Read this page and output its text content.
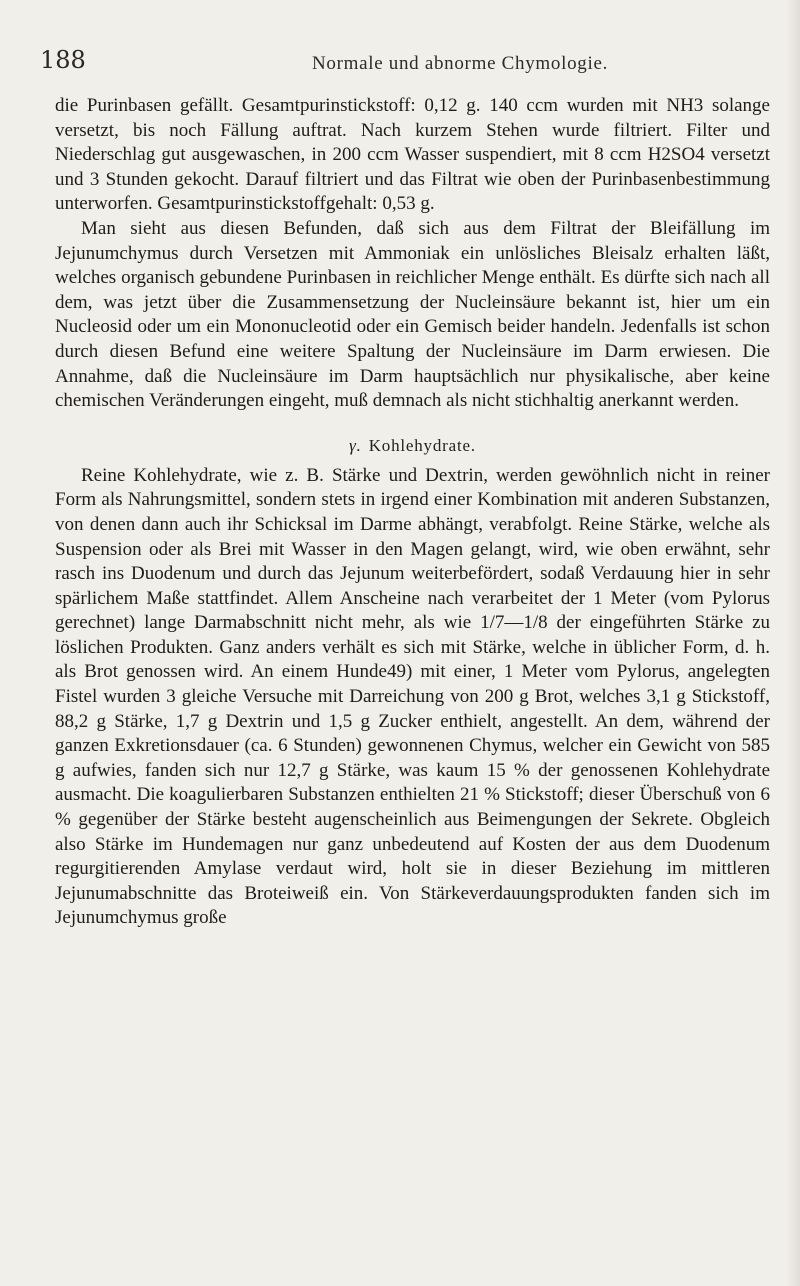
188	Normale und abnorme Chymologie.

die Purinbasen gefällt. Gesamtpurinstickstoff: 0,12 g. 140 ccm wurden mit NH3 solange versetzt, bis noch Fällung auftrat. Nach kurzem Stehen wurde filtriert. Filter und Niederschlag gut ausgewaschen, in 200 ccm Wasser suspendiert, mit 8 ccm H2SO4 versetzt und 3 Stunden gekocht. Darauf filtriert und das Filtrat wie oben der Purinbasenbestimmung unterworfen. Gesamtpurinstickstoffgehalt: 0,53 g.

Man sieht aus diesen Befunden, daß sich aus dem Filtrat der Bleifällung im Jejunumchymus durch Versetzen mit Ammoniak ein unlösliches Bleisalz erhalten läßt, welches organisch gebundene Purinbasen in reichlicher Menge enthält. Es dürfte sich nach all dem, was jetzt über die Zusammensetzung der Nucleinsäure bekannt ist, hier um ein Nucleosid oder um ein Mononucleotid oder ein Gemisch beider handeln. Jedenfalls ist schon durch diesen Befund eine weitere Spaltung der Nucleinsäure im Darm erwiesen. Die Annahme, daß die Nucleinsäure im Darm hauptsächlich nur physikalische, aber keine chemischen Veränderungen eingeht, muß demnach als nicht stichhaltig anerkannt werden.

γ. Kohlehydrate.

Reine Kohlehydrate, wie z. B. Stärke und Dextrin, werden gewöhnlich nicht in reiner Form als Nahrungsmittel, sondern stets in irgend einer Kombination mit anderen Substanzen, von denen dann auch ihr Schicksal im Darme abhängt, verabfolgt. Reine Stärke, welche als Suspension oder als Brei mit Wasser in den Magen gelangt, wird, wie oben erwähnt, sehr rasch ins Duodenum und durch das Jejunum weiterbefördert, sodaß Verdauung hier in sehr spärlichem Maße stattfindet. Allem Anscheine nach verarbeitet der 1 Meter (vom Pylorus gerechnet) lange Darmabschnitt nicht mehr, als wie 1/7—1/8 der eingeführten Stärke zu löslichen Produkten. Ganz anders verhält es sich mit Stärke, welche in üblicher Form, d. h. als Brot genossen wird. An einem Hunde49) mit einer, 1 Meter vom Pylorus, angelegten Fistel wurden 3 gleiche Versuche mit Darreichung von 200 g Brot, welches 3,1 g Stickstoff, 88,2 g Stärke, 1,7 g Dextrin und 1,5 g Zucker enthielt, angestellt. An dem, während der ganzen Exkretionsdauer (ca. 6 Stunden) gewonnenen Chymus, welcher ein Gewicht von 585 g aufwies, fanden sich nur 12,7 g Stärke, was kaum 15 % der genossenen Kohlehydrate ausmacht. Die koagulierbaren Substanzen enthielten 21 % Stickstoff; dieser Überschuß von 6 % gegenüber der Stärke besteht augenscheinlich aus Beimengungen der Sekrete. Obgleich also Stärke im Hundemagen nur ganz unbedeutend auf Kosten der aus dem Duodenum regurgitierenden Amylase verdaut wird, holt sie in dieser Beziehung im mittleren Jejunumabschnitte das Broteiweiß ein. Von Stärkeverdauungsprodukten fanden sich im Jejunumchymus große
